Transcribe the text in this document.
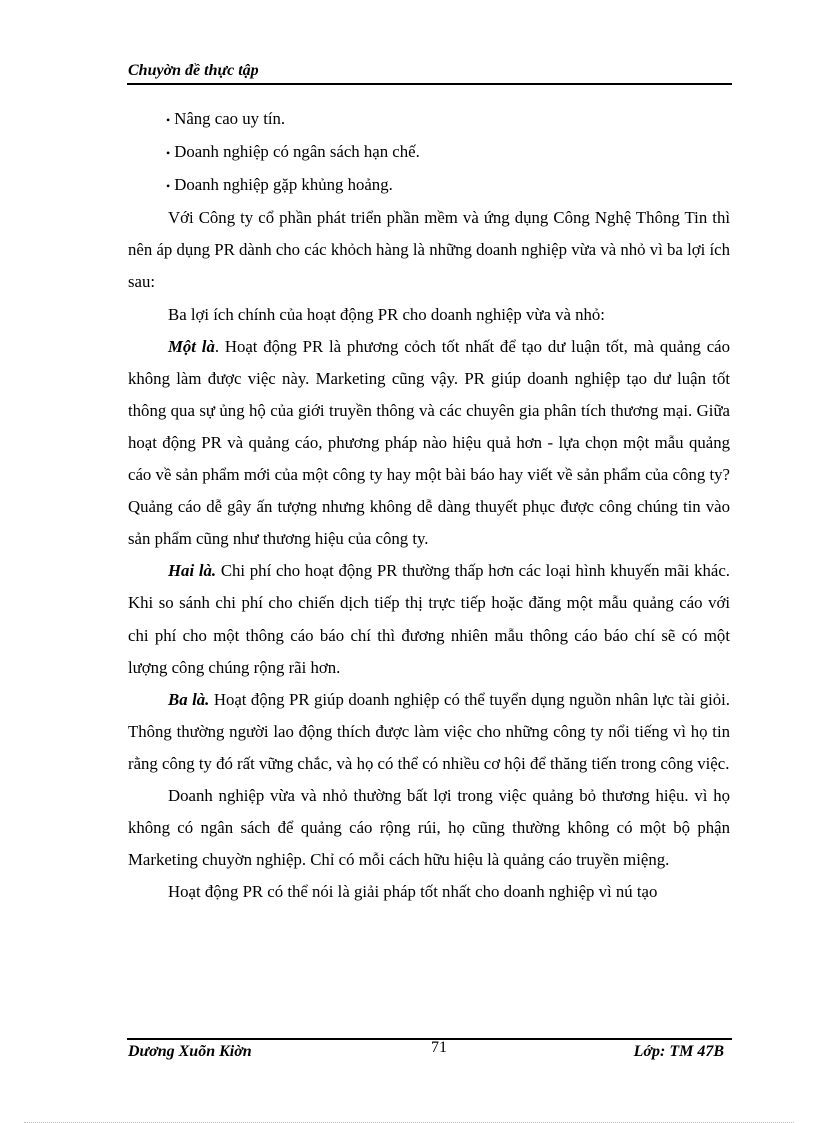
Chuyờn đề thực tập

• Nâng cao uy tín.

• Doanh nghiệp có ngân sách hạn chế.

• Doanh nghiệp gặp khủng hoảng.

Với Công ty cổ phần phát triển phần mềm và ứng dụng Công Nghệ Thông Tin thì nên áp dụng PR dành cho các khỏch hàng là những doanh nghiệp vừa và nhỏ vì ba lợi ích sau:

Ba lợi ích chính của hoạt động PR cho doanh nghiệp vừa và nhỏ:

Một là. Hoạt động PR là phương cỏch tốt nhất để tạo dư luận tốt, mà quảng cáo không làm được việc này. Marketing cũng vậy. PR giúp doanh nghiệp tạo dư luận tốt thông qua sự ủng hộ của giới truyền thông và các chuyên gia phân tích thương mại. Giữa hoạt động PR và quảng cáo, phương pháp nào hiệu quả hơn - lựa chọn một mẫu quảng cáo về sản phẩm mới của một công ty hay một bài báo hay viết về sản phẩm của công ty? Quảng cáo dễ gây ấn tượng nhưng không dễ dàng thuyết phục được công chúng tin vào sản phẩm cũng như thương hiệu của công ty.

Hai là. Chi phí cho hoạt động PR thường thấp hơn các loại hình khuyến mãi khác. Khi so sánh chi phí cho chiến dịch tiếp thị trực tiếp hoặc đăng một mẫu quảng cáo với chi phí cho một thông cáo báo chí thì đương nhiên mẫu thông cáo báo chí sẽ có một lượng công chúng rộng rãi hơn.

Ba là. Hoạt động PR giúp doanh nghiệp có thể tuyển dụng nguồn nhân lực tài giỏi. Thông thường người lao động thích được làm việc cho những công ty nổi tiếng vì họ tin rằng công ty đó rất vững chắc, và họ có thể có nhiều cơ hội để thăng tiến trong công việc.

Doanh nghiệp vừa và nhỏ thường bất lợi trong việc quảng bỏ thương hiệu. vì họ không có ngân sách để quảng cáo rộng rúi, họ cũng thường không có một bộ phận Marketing chuyờn nghiệp. Chỉ có mỗi cách hữu hiệu là quảng cáo truyền miệng.

Hoạt động PR có thể nói là giải pháp tốt nhất cho doanh nghiệp vì nú tạo

Dương Xuõn Kiờn	71	Lớp: TM 47B
